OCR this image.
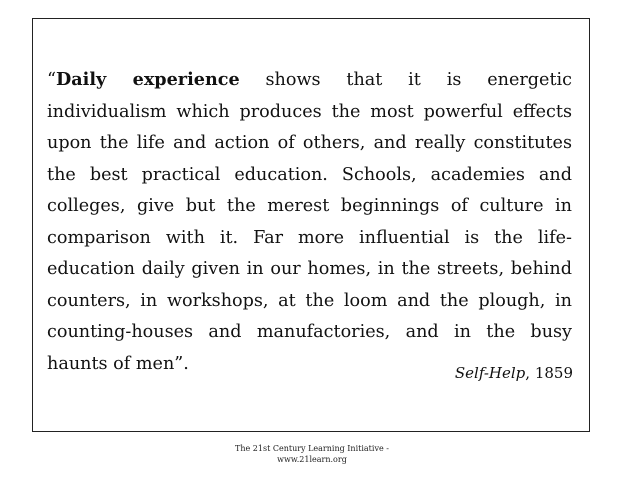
“Daily experience shows that it is energetic individualism which produces the most powerful effects upon the life and action of others, and really constitutes the best practical education. Schools, academies and colleges, give but the merest beginnings of culture in comparison with it. Far more influential is the life-education daily given in our homes, in the streets, behind counters, in workshops, at the loom and the plough, in counting-houses and manufactories, and in the busy haunts of men”.	Self-Help, 1859

The 21st Century Learning Initiative -
www.21learn.org
